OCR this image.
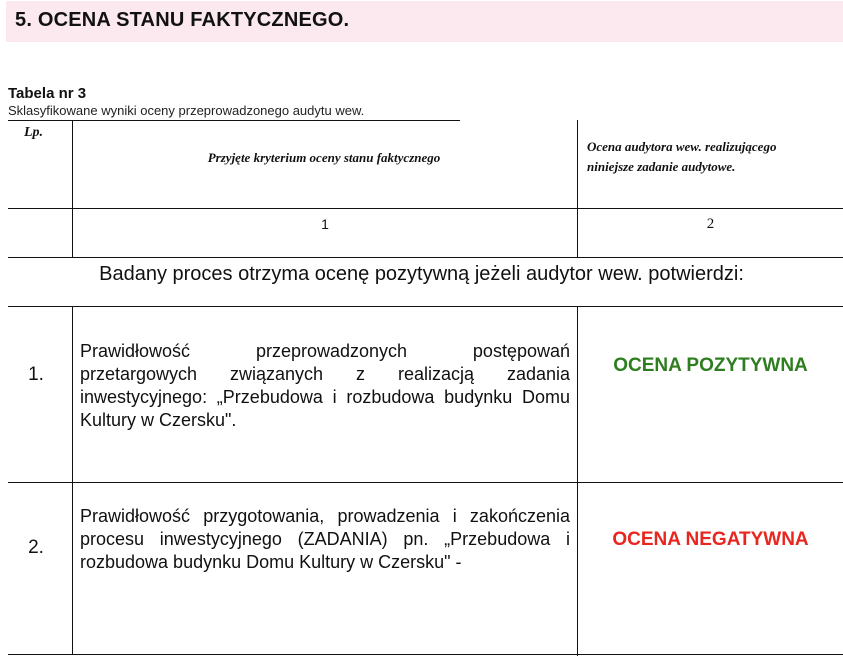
5. OCENA STANU FAKTYCZNEGO.
Tabela nr 3
Sklasyfikowane wyniki oceny przeprowadzonego audytu wew.
Lp.
Przyjęte kryterium oceny stanu faktycznego
Ocena audytora wew. realizującego
niniejsze zadanie audytowe.
1	2
Badany proces otrzyma ocenę pozytywną jeżeli audytor wew. potwierdzi:
1.
Prawidłowość przeprowadzonych postępowań przetargowych związanych z realizacją zadania inwestycyjnego: „Przebudowa i rozbudowa budynku Domu Kultury w Czersku".
OCENA POZYTYWNA
2.
Prawidłowość przygotowania, prowadzenia i zakończenia procesu inwestycyjnego (ZADANIA) pn. „Przebudowa i rozbudowa budynku Domu Kultury w Czersku" -
OCENA NEGATYWNA
